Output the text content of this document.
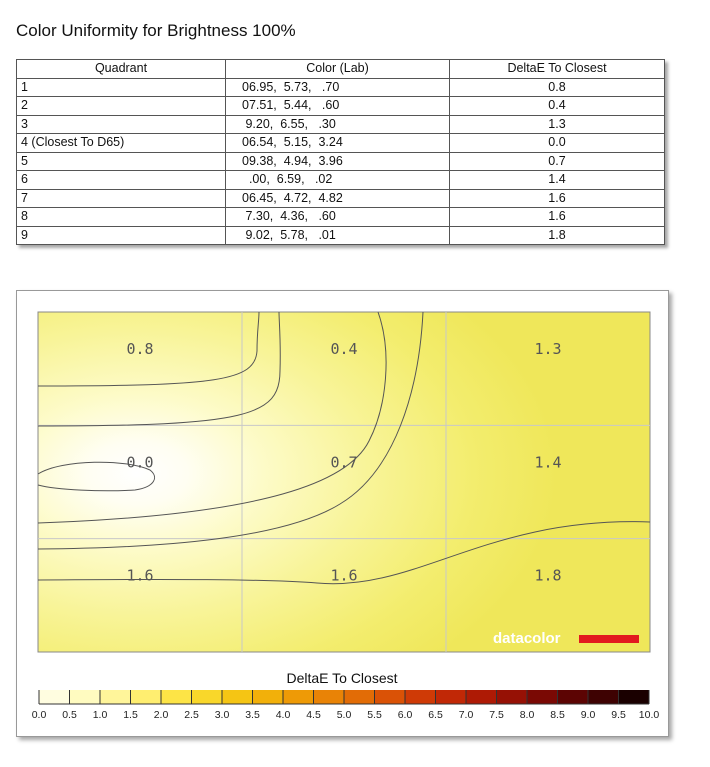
Color Uniformity for Brightness 100%
Quadrant	Color (Lab)	DeltaE To Closest
1	06.95,  5.73,   .70	0.8
2	07.51,  5.44,   .60	0.4
3	9.20,  6.55,   .30	1.3
4 (Closest To D65)	06.54,  5.15,  3.24	0.0
5	09.38,  4.94,  3.96	0.7
6	.00,  6.59,   .02	1.4
7	06.45,  4.72,  4.82	1.6
8	7.30,  4.36,   .60	1.6
9	9.02,  5.78,   .01	1.8
0.8	0.4	1.3
0.0	0.7	1.4
1.6	1.6	1.8
datacolor
DeltaE To Closest
0.0 0.5 1.0 1.5 2.0 2.5 3.0 3.5 4.0 4.5 5.0 5.5 6.0 6.5 7.0 7.5 8.0 8.5 9.0 9.5 10.0
